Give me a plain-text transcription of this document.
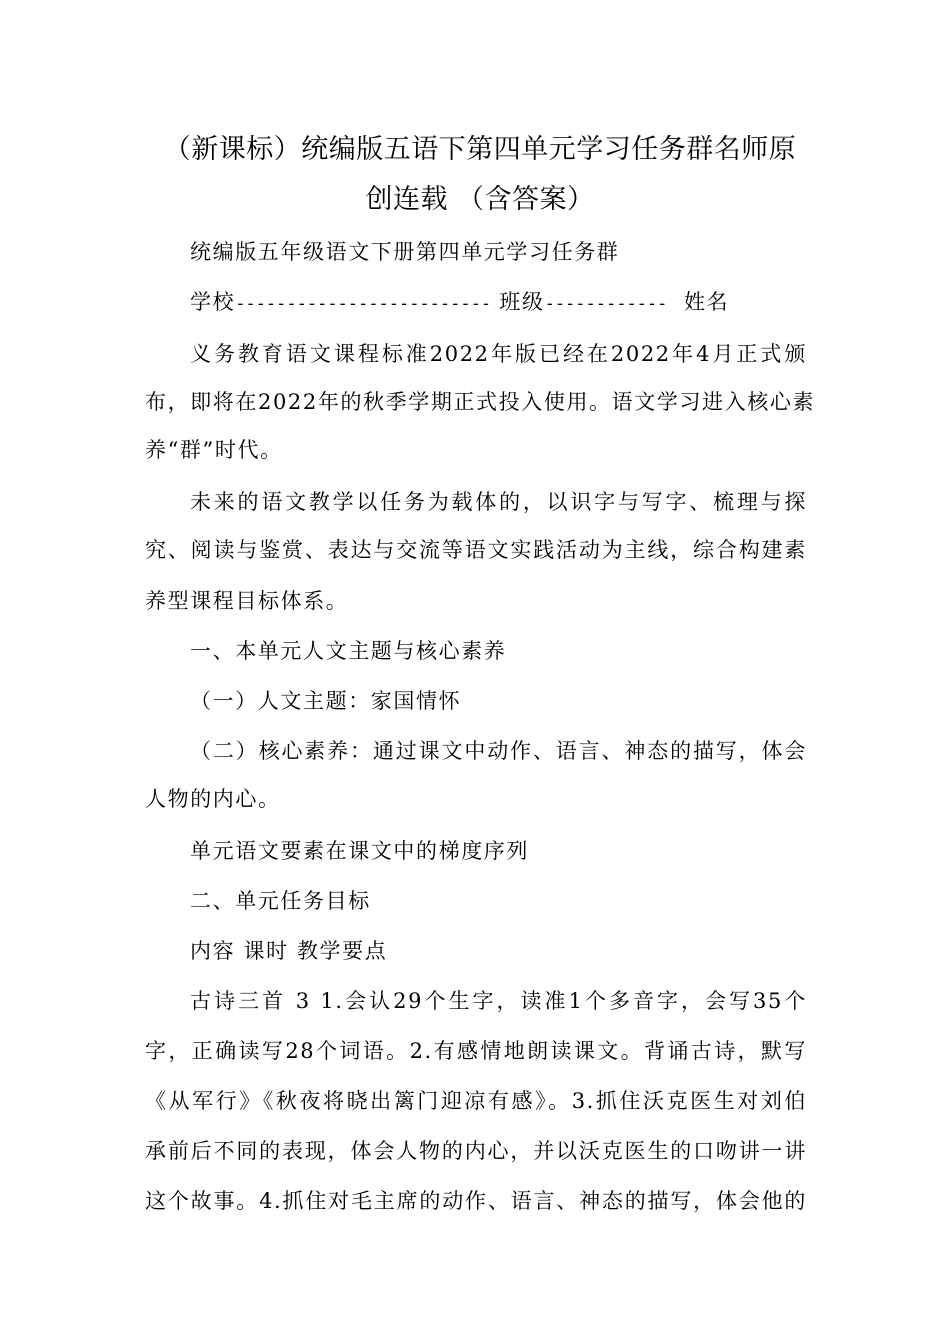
（新课标）统编版五语下第四单元学习任务群名师原
创连载 （含答案）
统编版五年级语文下册第四单元学习任务群
学校------------------------- 班级------------ 姓名
义务教育语文课程标准2022年版已经在2022年4月正式颁
布，即将在2022年的秋季学期正式投入使用。语文学习进入核心素
养“群”时代。
未来的语文教学以任务为载体的，以识字与写字、梳理与探
究、阅读与鉴赏、表达与交流等语文实践活动为主线，综合构建素
养型课程目标体系。
一、本单元人文主题与核心素养
（一）人文主题：家国情怀
（二）核心素养：通过课文中动作、语言、神态的描写，体会
人物的内心。
单元语文要素在课文中的梯度序列
二、单元任务目标
内容 课时 教学要点
古诗三首 3 1.会认29个生字，读准1个多音字，会写35个
字，正确读写28个词语。2.有感情地朗读课文。背诵古诗，默写
《从军行》《秋夜将晓出篱门迎凉有感》。3.抓住沃克医生对刘伯
承前后不同的表现，体会人物的内心，并以沃克医生的口吻讲一讲
这个故事。4.抓住对毛主席的动作、语言、神态的描写，体会他的
